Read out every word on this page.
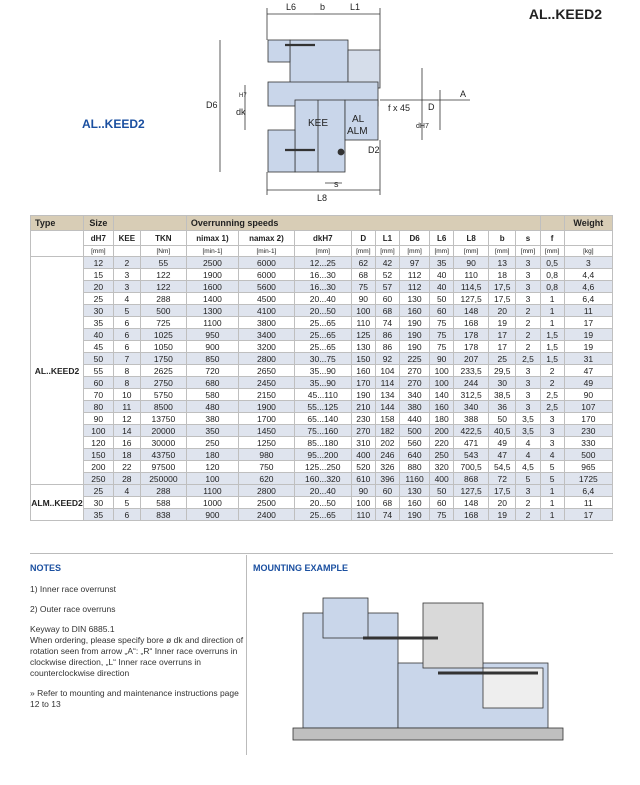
AL..KEED2
AL..KEED2
L6	b	L1
D6
dk
H7	A
D
dH7
f x 45
D2
s
L8
KEE AL
ALM
Type	Size			Overrunning speeds											Weight
	dH7	KEE	TKN	nimax 1)	namax 2)	dkH7	D	L1	D6	L6	L8	b	s	f	
	[mm]		[Nm]	[min-1]	[min-1]	[mm]	[mm]	[mm]	[mm]	[mm]	[mm]	[mm]	[mm]	[mm]	[kg]
AL..KEED2	12	2	55	2500	6000	12...25	62	42	97	35	90	13	3	0,5	3
	15	3	122	1900	6000	16...30	68	52	112	40	110	18	3	0,8	4,4
	20	3	122	1600	5600	16...30	75	57	112	40	114,5	17,5	3	0,8	4,6
	25	4	288	1400	4500	20...40	90	60	130	50	127,5	17,5	3	1	6,4
	30	5	500	1300	4100	20...50	100	68	160	60	148	20	2	1	11
	35	6	725	1100	3800	25...65	110	74	190	75	168	19	2	1	17
	40	6	1025	950	3400	25...65	125	86	190	75	178	17	2	1,5	19
	45	6	1050	900	3200	25...65	130	86	190	75	178	17	2	1,5	19
	50	7	1750	850	2800	30...75	150	92	225	90	207	25	2,5	1,5	31
	55	8	2625	720	2650	35...90	160	104	270	100	233,5	29,5	3	2	47
	60	8	2750	680	2450	35...90	170	114	270	100	244	30	3	2	49
	70	10	5750	580	2150	45...110	190	134	340	140	312,5	38,5	3	2,5	90
	80	11	8500	480	1900	55...125	210	144	380	160	340	36	3	2,5	107
	90	12	13750	380	1700	65...140	230	158	440	180	388	50	3,5	3	170
	100	14	20000	350	1450	75...160	270	182	500	200	422,5	40,5	3,5	3	230
	120	16	30000	250	1250	85...180	310	202	560	220	471	49	4	3	330
	150	18	43750	180	980	95...200	400	246	640	250	543	47	4	4	500
	200	22	97500	120	750	125...250	520	326	880	320	700,5	54,5	4,5	5	965
	250	28	250000	100	620	160...320	610	396	1160	400	868	72	5	5	1725
ALM..KEED2	25	4	288	1100	2800	20...40	90	60	130	50	127,5	17,5	3	1	6,4
	30	5	588	1000	2500	20...50	100	68	160	60	148	20	2	1	11
	35	6	838	900	2400	25...65	110	74	190	75	168	19	2	1	17
NOTES

1) Inner race overrunst

2) Outer race overruns

Keyway to DIN 6885.1

When ordering, please specify bore ø dk and direction of rotation seen from arrow „A“: „R“ Inner race overruns in clockwise direction, „L“ Inner race overruns in counterclockwise direction

» Refer to mounting and maintenance instructions page 12 to 13

MOUNTING EXAMPLE
